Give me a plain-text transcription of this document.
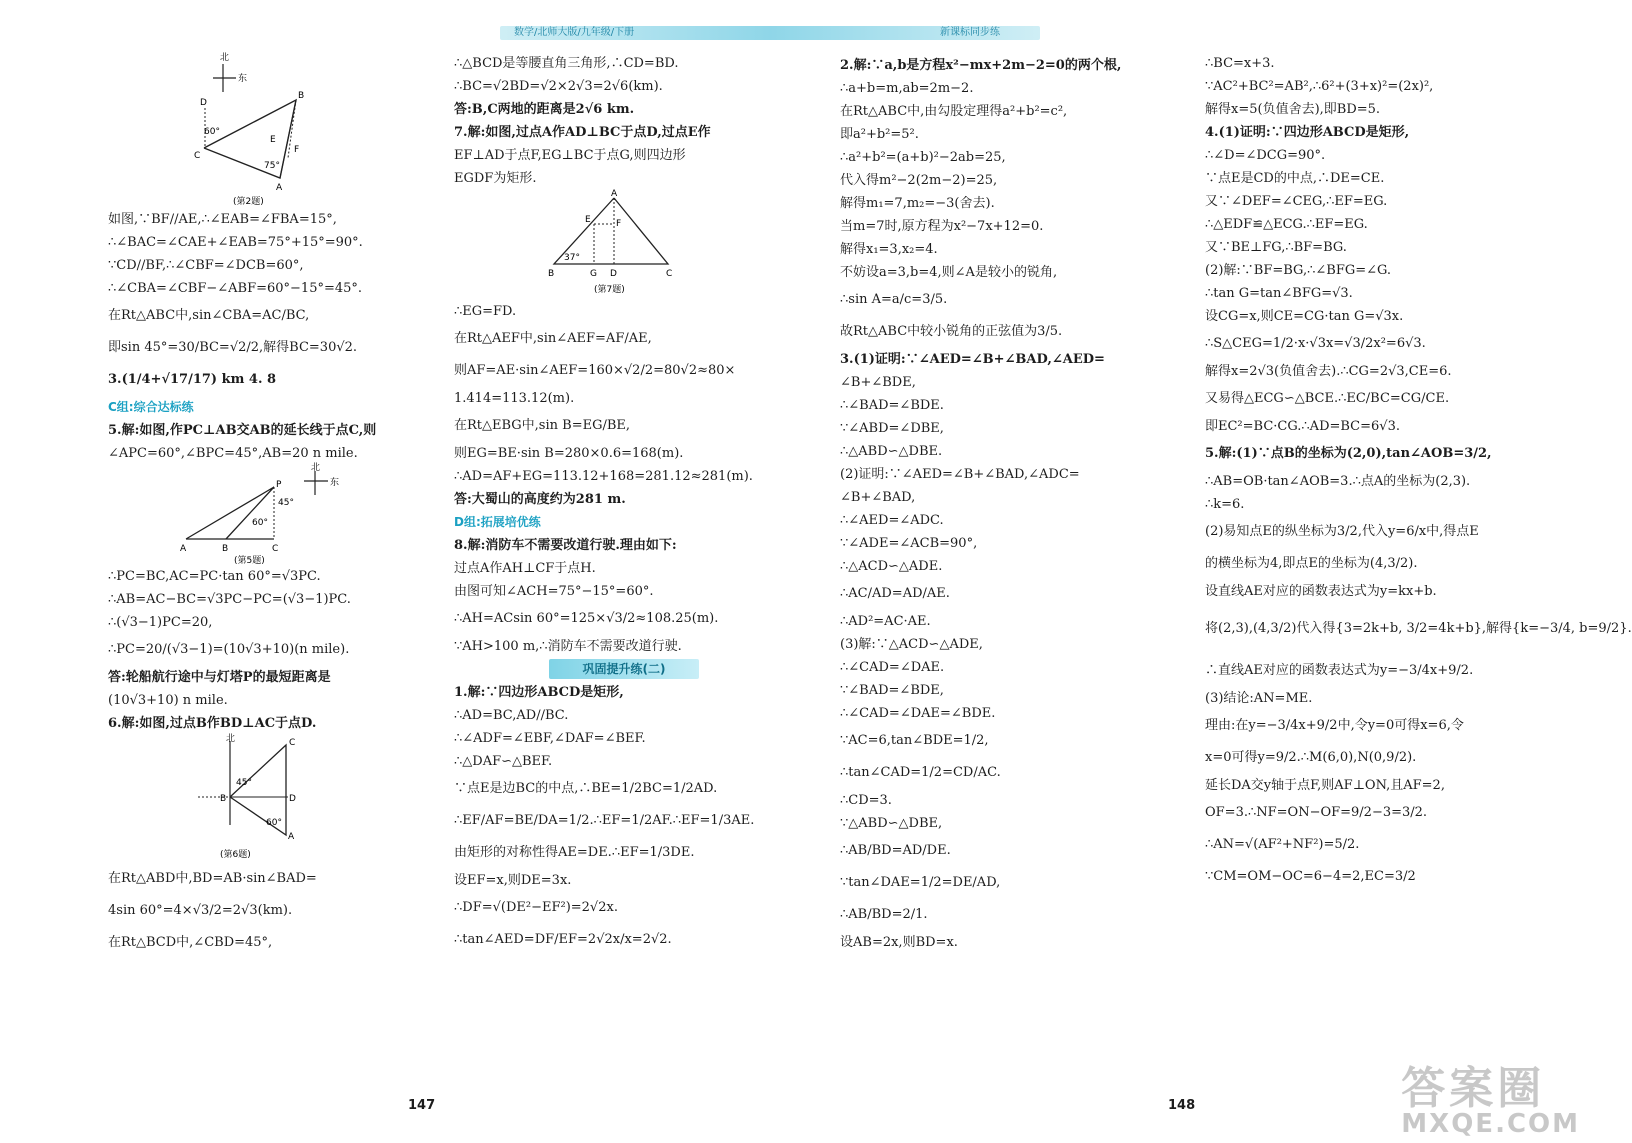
数学/北师大版/九年级/下册	新课标同步练
北
东
D
B
60°
E
F
75°
C
A
(第2题)
如图,∵BF//AE,∴∠EAB=∠FBA=15°,
∴∠BAC=∠CAE+∠EAB=75°+15°=90°.
∵CD//BF,∴∠CBF=∠DCB=60°,
∴∠CBA=∠CBF−∠ABF=60°−15°=45°.
在Rt△ABC中,sin∠CBA=AC/BC,
即sin 45°=30/BC=√2/2,解得BC=30√2.
3.(1/4+√17/17) km 4. 8
C组:综合达标练
5.解:如图,作PC⊥AB交AB的延长线于点C,则
∠APC=60°,∠BPC=45°,AB=20 n mile.
北
东
P
45°
60°
A	B	C
(第5题)
∴PC=BC,AC=PC·tan 60°=√3PC.
∴AB=AC−BC=√3PC−PC=(√3−1)PC.
∴(√3−1)PC=20,
∴PC=20/(√3−1)=(10√3+10)(n mile).
答:轮船航行途中与灯塔P的最短距离是
(10√3+10) n mile.
6.解:如图,过点B作BD⊥AC于点D.
北	C
45°
D
B
60°
A
(第6题)
在Rt△ABD中,BD=AB·sin∠BAD=
4sin 60°=4×√3/2=2√3(km).
在Rt△BCD中,∠CBD=45°,
∴△BCD是等腰直角三角形,∴CD=BD.
∴BC=√2BD=√2×2√3=2√6(km).
答:B,C两地的距离是2√6 km.
7.解:如图,过点A作AD⊥BC于点D,过点E作
EF⊥AD于点F,EG⊥BC于点G,则四边形
EGDF为矩形.
A
F
E
37°
B	G D	C
(第7题)
∴EG=FD.
在Rt△AEF中,sin∠AEF=AF/AE,
则AF=AE·sin∠AEF=160×√2/2=80√2≈80×
1.414=113.12(m).
在Rt△EBG中,sin B=EG/BE,
则EG=BE·sin B=280×0.6=168(m).
∴AD=AF+EG=113.12+168=281.12≈281(m).
答:大蜀山的高度约为281 m.
D组:拓展培优练
8.解:消防车不需要改道行驶.理由如下:
过点A作AH⊥CF于点H.
由图可知∠ACH=75°−15°=60°.
∴AH=ACsin 60°=125×√3/2≈108.25(m).
∵AH>100 m,∴消防车不需要改道行驶.
巩固提升练(二)
1.解:∵四边形ABCD是矩形,
∴AD=BC,AD//BC.
∴∠ADF=∠EBF,∠DAF=∠BEF.
∴△DAF∽△BEF.
∵点E是边BC的中点,∴BE=1/2BC=1/2AD.
∴EF/AF=BE/DA=1/2.∴EF=1/2AF.∴EF=1/3AE.
由矩形的对称性得AE=DE.∴EF=1/3DE.
设EF=x,则DE=3x.
∴DF=√(DE²−EF²)=2√2x.
∴tan∠AED=DF/EF=2√2x/x=2√2.
2.解:∵a,b是方程x²−mx+2m−2=0的两个根,
∴a+b=m,ab=2m−2.
在Rt△ABC中,由勾股定理得a²+b²=c²,
即a²+b²=5².
∴a²+b²=(a+b)²−2ab=25,
代入得m²−2(2m−2)=25,
解得m₁=7,m₂=−3(舍去).
当m=7时,原方程为x²−7x+12=0.
解得x₁=3,x₂=4.
不妨设a=3,b=4,则∠A是较小的锐角,
∴sin A=a/c=3/5.
故Rt△ABC中较小锐角的正弦值为3/5.
3.(1)证明:∵∠AED=∠B+∠BAD,∠AED=
∠B+∠BDE,
∴∠BAD=∠BDE.
∵∠ABD=∠DBE,
∴△ABD∽△DBE.
(2)证明:∵∠AED=∠B+∠BAD,∠ADC=
∠B+∠BAD,
∴∠AED=∠ADC.
∵∠ADE=∠ACB=90°,
∴△ACD∽△ADE.
∴AC/AD=AD/AE.
∴AD²=AC·AE.
(3)解:∵△ACD∽△ADE,
∴∠CAD=∠DAE.
∵∠BAD=∠BDE,
∴∠CAD=∠DAE=∠BDE.
∵AC=6,tan∠BDE=1/2,
∴tan∠CAD=1/2=CD/AC.
∴CD=3.
∵△ABD∽△DBE,
∴AB/BD=AD/DE.
∵tan∠DAE=1/2=DE/AD,
∴AB/BD=2/1.
设AB=2x,则BD=x.
∴BC=x+3.
∵AC²+BC²=AB²,∴6²+(3+x)²=(2x)²,
解得x=5(负值舍去),即BD=5.
4.(1)证明:∵四边形ABCD是矩形,
∴∠D=∠DCG=90°.
∵点E是CD的中点,∴DE=CE.
又∵∠DEF=∠CEG,∴EF=EG.
∴△EDF≌△ECG.∴EF=EG.
又∵BE⊥FG,∴BF=BG.
(2)解:∵BF=BG,∴∠BFG=∠G.
∴tan G=tan∠BFG=√3.
设CG=x,则CE=CG·tan G=√3x.
∴S△CEG=1/2·x·√3x=√3/2x²=6√3.
解得x=2√3(负值舍去).∴CG=2√3,CE=6.
又易得△ECG∽△BCE.∴EC/BC=CG/CE.
即EC²=BC·CG.∴AD=BC=6√3.
5.解:(1)∵点B的坐标为(2,0),tan∠AOB=3/2,
∴AB=OB·tan∠AOB=3.∴点A的坐标为(2,3).
∴k=6.
(2)易知点E的纵坐标为3/2,代入y=6/x中,得点E
的横坐标为4,即点E的坐标为(4,3/2).
设直线AE对应的函数表达式为y=kx+b.
将(2,3),(4,3/2)代入得{3=2k+b, 3/2=4k+b},解得{k=−3/4, b=9/2}.
∴直线AE对应的函数表达式为y=−3/4x+9/2.
(3)结论:AN=ME.
理由:在y=−3/4x+9/2中,令y=0可得x=6,令
x=0可得y=9/2.∴M(6,0),N(0,9/2).
延长DA交y轴于点F,则AF⊥ON,且AF=2,
OF=3.∴NF=ON−OF=9/2−3=3/2.
∴AN=√(AF²+NF²)=5/2.
∵CM=OM−OC=6−4=2,EC=3/2
147	148	答案圈
MXQE.COM
